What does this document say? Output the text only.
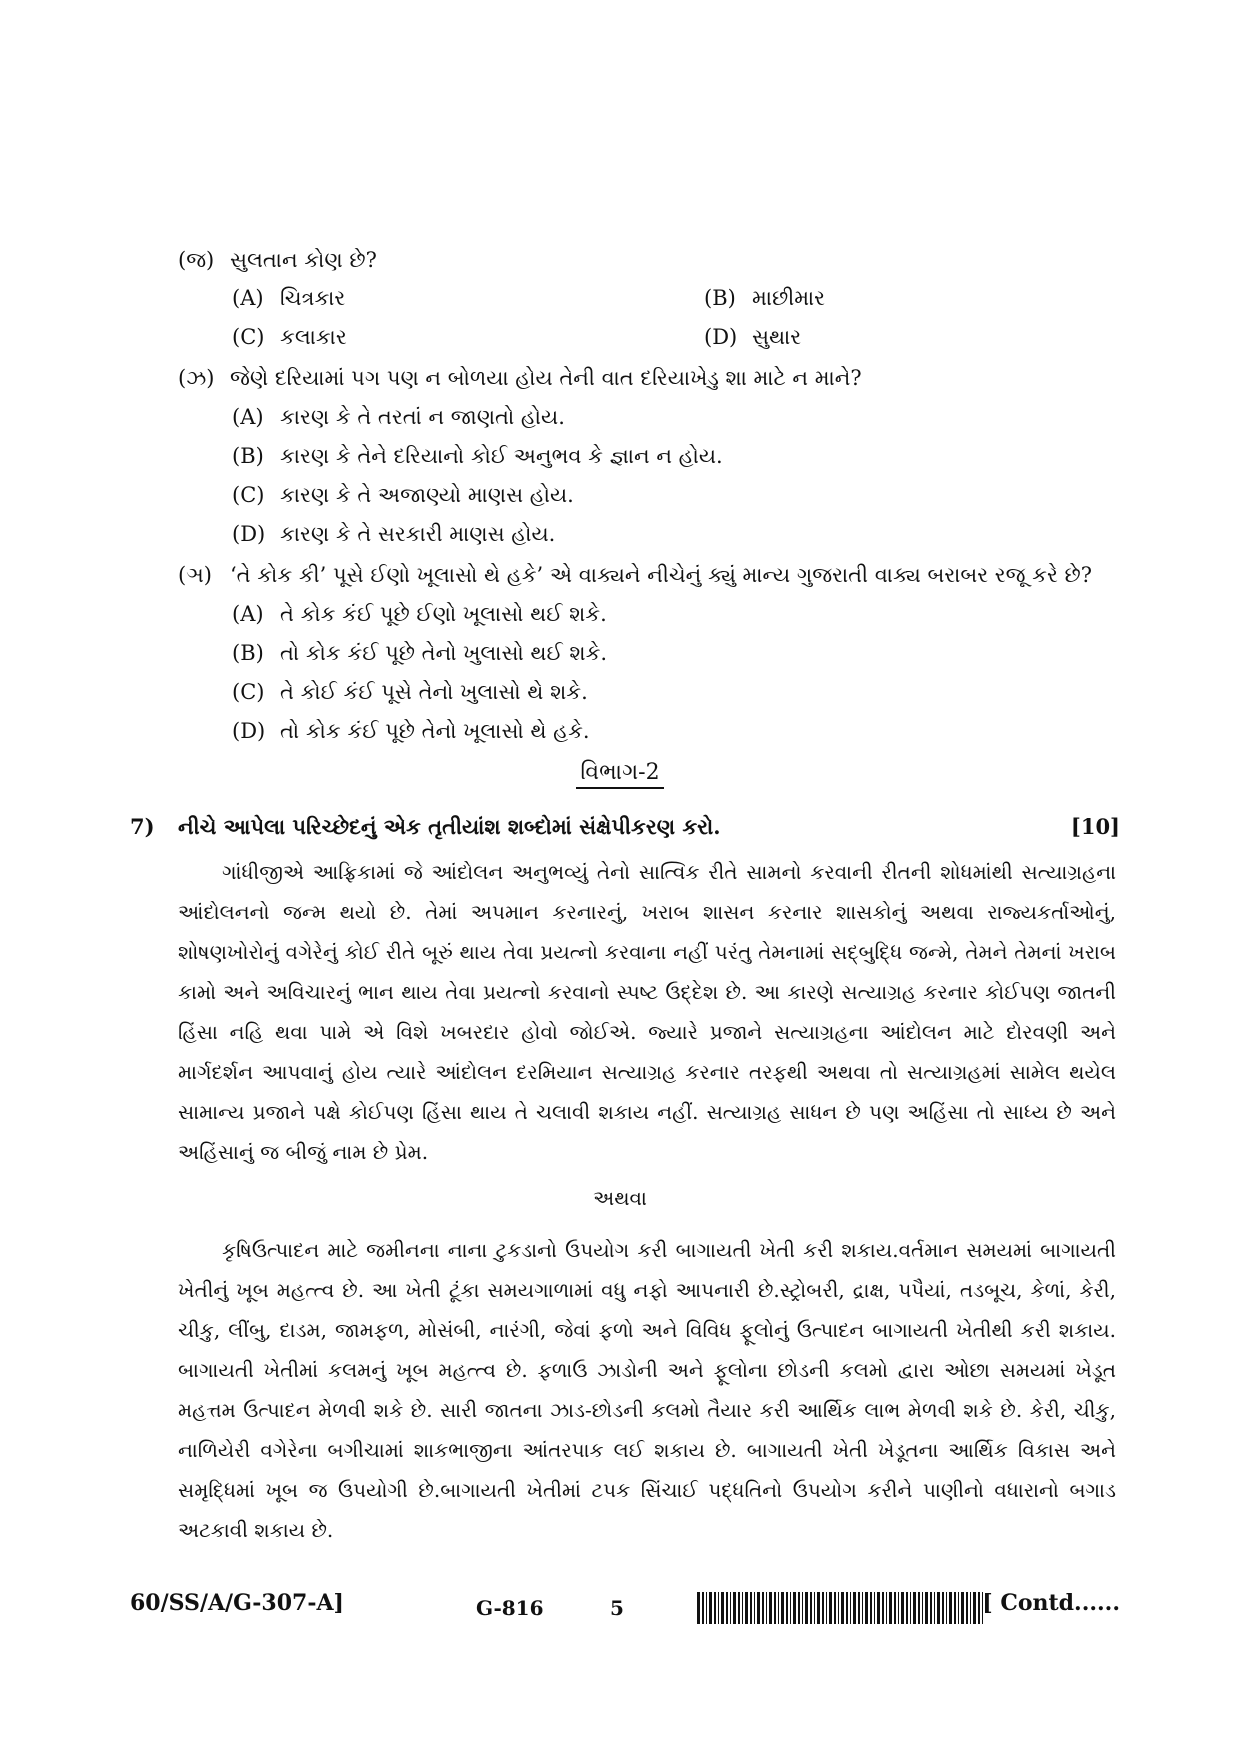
(જ) સુલતાન કોણ છે?
(A) ચિત્રકાર	(B) માછીમાર
(C) કલાકાર	(D) સુથાર
(ઝ) જેણે દરિયામાં પગ પણ ન બોળયા હોય તેની વાત દરિયાખેડુ શા માટે ન માને?
(A) કારણ કે તે તરતાં ન જાણતો હોય.
(B) કારણ કે તેને દરિયાનો કોઈ અનુભવ કે જ્ઞાન ન હોય.
(C) કારણ કે તે અજાણ્યો માણસ હોય.
(D) કારણ કે તે સરકારી માણસ હોય.
(ઞ) ‘તે કોક કી’ પૂસે ઈણો ખૂલાસો થે હકે’ એ વાક્યને નીચેનું ક્યું માન્ય ગુજરાતી વાક્ય બરાબર રજૂ કરે છે?
(A) તે કોક કંઈ પૂછે ઈણો ખૂલાસો થઈ શકે.
(B) તો કોક કંઈ પૂછે તેનો ખુલાસો થઈ શકે.
(C) તે કોઈ કંઈ પૂસે તેનો ખુલાસો થે શકે.
(D) તો કોક કંઈ પૂછે તેનો ખૂલાસો થે હકે.
વિભાગ-2
7) નીચે આપેલા પરિચ્છેદનું એક તૃતીયાંશ શબ્દોમાં સંક્ષેપીકરણ કરો.	[10]
ગાંધીજીએ આફ્રિકામાં જે આંદોલન અનુભવ્યું તેનો સાત્વિક રીતે સામનો કરવાની રીતની શોધમાંથી સત્યાગ્રહના આંદોલનનો જન્મ થયો છે. તેમાં અપમાન કરનારનું, ખરાબ શાસન કરનાર શાસકોનું અથવા રાજ્યકર્તાઓનું, શોષણખોરોનું વગેરેનું કોઈ રીતે બૂરું થાય તેવા પ્રયત્નો કરવાના નહીં પરંતુ તેમનામાં સદ્‌બુદ્ધિ જન્મે, તેમને તેમનાં ખરાબ કામો અને અવિચારનું ભાન થાય તેવા પ્રયત્નો કરવાનો સ્પષ્ટ ઉદ્દેશ છે. આ કારણે સત્યાગ્રહ કરનાર કોઈપણ જાતની હિંસા નહિ થવા પામે એ વિશે ખબરદાર હોવો જોઈએ. જ્યારે પ્રજાને સત્યાગ્રહના આંદોલન માટે દોરવણી અને માર્ગદર્શન આપવાનું હોય ત્યારે આંદોલન દરમિયાન સત્યાગ્રહ કરનાર તરફથી અથવા તો સત્યાગ્રહમાં સામેલ થયેલ સામાન્ય પ્રજાને પક્ષે કોઈપણ હિંસા થાય તે ચલાવી શકાય નહીં. સત્યાગ્રહ સાધન છે પણ અહિંસા તો સાધ્ય છે અને અહિંસાનું જ બીજું નામ છે પ્રેમ.
અથવા
કૃષિઉત્પાદન માટે જમીનના નાના ટુકડાનો ઉપયોગ કરી બાગાયતી ખેતી કરી શકાય.વર્તમાન સમયમાં બાગાયતી ખેતીનું ખૂબ મહત્ત્વ છે. આ ખેતી ટૂંકા સમયગાળામાં વધુ નફો આપનારી છે.સ્ટ્રોબરી, દ્રાક્ષ, પપૈયાં, તડબૂચ, કેળાં, કેરી, ચીકુ, લીંબુ, દાડમ, જામફળ, મોસંબી, નારંગી, જેવાં ફળો અને વિવિધ ફૂલોનું ઉત્પાદન બાગાયતી ખેતીથી કરી શકાય. બાગાયતી ખેતીમાં કલમનું ખૂબ મહત્ત્વ છે. ફળાઉ ઝાડોની અને ફૂલોના છોડની કલમો દ્વારા ઓછા સમયમાં ખેડૂત મહત્તમ ઉત્પાદન મેળવી શકે છે. સારી જાતના ઝાડ-છોડની કલમો તૈયાર કરી આર્થિક લાભ મેળવી શકે છે. કેરી, ચીકુ, નાળિયેરી વગેરેના બગીચામાં શાકભાજીના આંતરપાક લઈ શકાય છે. બાગાયતી ખેતી ખેડૂતના આર્થિક વિકાસ અને સમૃદ્ધિમાં ખૂબ જ ઉપયોગી છે.બાગાયતી ખેતીમાં ટપક સિંચાઈ પદ્ધતિનો ઉપયોગ કરીને પાણીનો વધારાનો બગાડ અટકાવી શકાય છે.
60/SS/A/G-307-A]	G-816	5	[ Contd......
